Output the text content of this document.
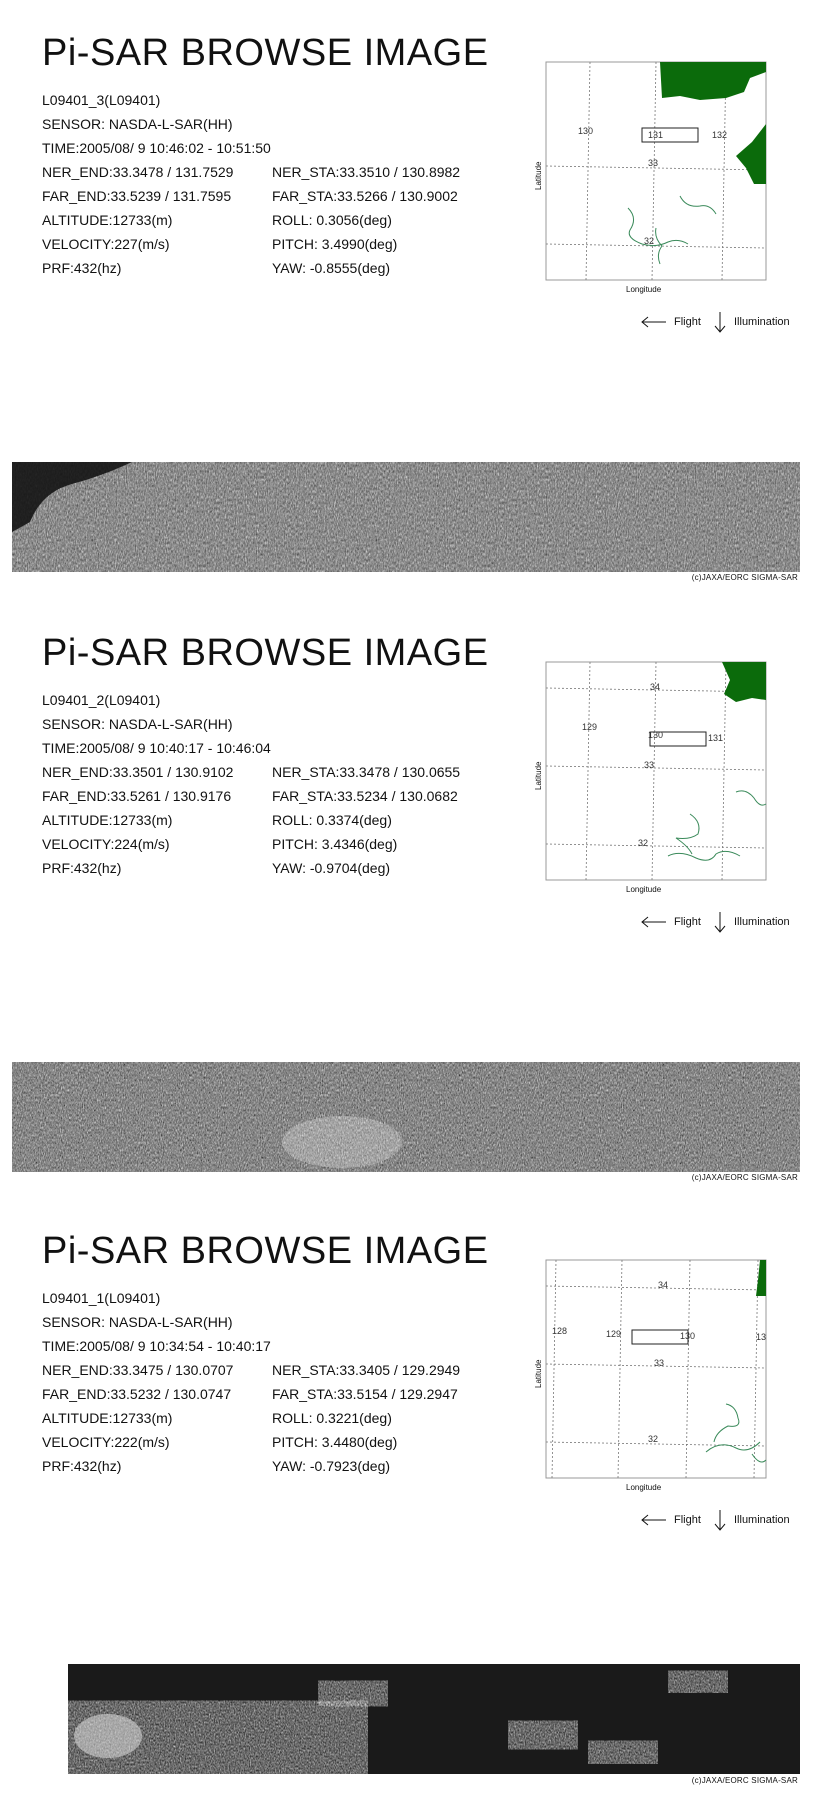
Pi-SAR BROWSE IMAGE
L09401_3(L09401)
SENSOR: NASDA-L-SAR(HH)
TIME:2005/08/ 9 10:46:02 - 10:51:50
NER_END:33.3478 / 131.7529	NER_STA:33.3510 / 130.8982
FAR_END:33.5239 / 131.7595	FAR_STA:33.5266 / 130.9002
ALTITUDE:12733(m)	ROLL: 0.3056(deg)
VELOCITY:227(m/s)	PITCH: 3.4990(deg)
PRF:432(hz)	YAW: -0.8555(deg)
130	131	132
33
32
Longitude
Latitude
Flight	Illumination
(c)JAXA/EORC SIGMA-SAR
Pi-SAR BROWSE IMAGE
L09401_2(L09401)
SENSOR: NASDA-L-SAR(HH)
TIME:2005/08/ 9 10:40:17 - 10:46:04
NER_END:33.3501 / 130.9102	NER_STA:33.3478 / 130.0655
FAR_END:33.5261 / 130.9176	FAR_STA:33.5234 / 130.0682
ALTITUDE:12733(m)	ROLL: 0.3374(deg)
VELOCITY:224(m/s)	PITCH: 3.4346(deg)
PRF:432(hz)	YAW: -0.9704(deg)
129
130	131
34
33
32
Longitude
Latitude
Flight	Illumination
(c)JAXA/EORC SIGMA-SAR
Pi-SAR BROWSE IMAGE
L09401_1(L09401)
SENSOR: NASDA-L-SAR(HH)
TIME:2005/08/ 9 10:34:54 - 10:40:17
NER_END:33.3475 / 130.0707	NER_STA:33.3405 / 129.2949
FAR_END:33.5232 / 130.0747	FAR_STA:33.5154 / 129.2947
ALTITUDE:12733(m)	ROLL: 0.3221(deg)
VELOCITY:222(m/s)	PITCH: 3.4480(deg)
PRF:432(hz)	YAW: -0.7923(deg)
128	129	130	13
34
33
32
Longitude
Latitude
Flight	Illumination
(c)JAXA/EORC SIGMA-SAR
